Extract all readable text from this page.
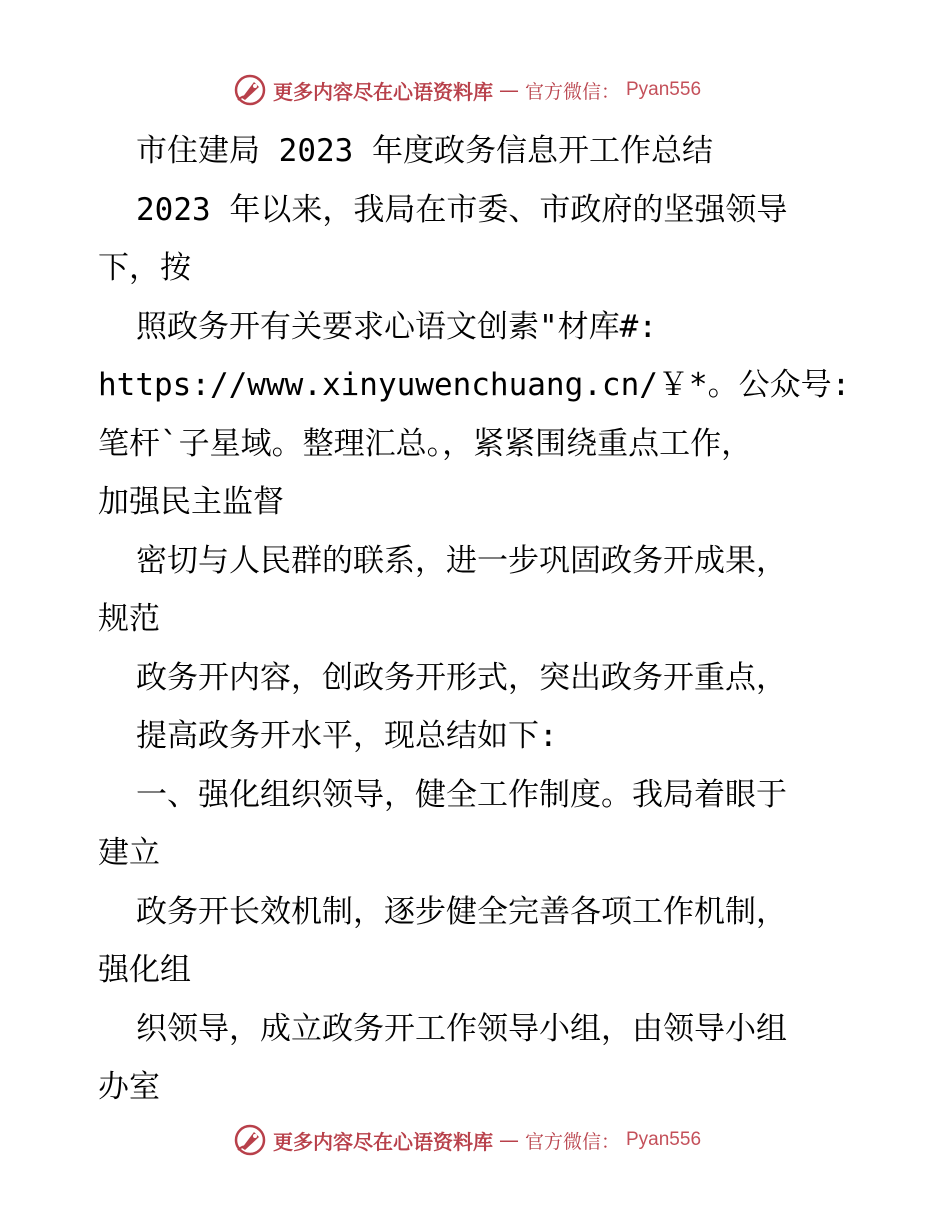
更多内容尽在心语资料库 — 官方微信： Pyan556
市住建局 2023 年度政务信息开工作总结
2023 年以来，我局在市委、市政府的坚强领导
下，按
照政务开有关要求心语文创素"材库#:
https://www.xinyuwenchuang.cn/￥*。公众号:
笔杆`子星域。整理汇总。，紧紧围绕重点工作，
加强民主监督
密切与人民群的联系，进一步巩固政务开成果，
规范
政务开内容，创政务开形式，突出政务开重点，
提高政务开水平，现总结如下:
一、强化组织领导，健全工作制度。我局着眼于
建立
政务开长效机制，逐步健全完善各项工作机制，
强化组
织领导，成立政务开工作领导小组，由领导小组
办室
更多内容尽在心语资料库 — 官方微信： Pyan556
